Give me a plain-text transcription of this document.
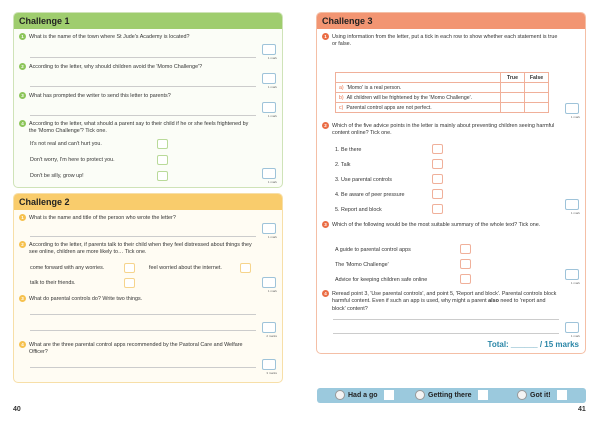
Challenge 1
1 What is the name of the town where St Jude's Academy is located?
1 mark
2 According to the letter, why should children avoid the 'Momo Challenge'?
1 mark
3 What has prompted the writer to send this letter to parents?
1 mark
4 According to the letter, what should a parent say to their child if he or she feels frightened by the 'Momo Challenge'? Tick one.
It's not real and can't hurt you.
Don't worry, I'm here to protect you.
Don't be silly, grow up!
1 mark
Challenge 2
1 What is the name and title of the person who wrote the letter?
1 mark
2 According to the letter, if parents talk to their child when they feel distressed about things they see online, children are more likely to… Tick one.
come forward with any worries.	feel worried about the internet.
talk to their friends.
1 mark
3 What do parental controls do? Write two things.
2 marks
4 What are the three parental control apps recommended by the Pastoral Care and Welfare Officer?
3 marks
Challenge 3
1 Using information from the letter, put a tick in each row to show whether each statement is true or false.
	True	False
a) 'Momo' is a real person.		
b) All children will be frightened by the 'Momo Challenge'.		
c) Parental control apps are not perfect.		
1 mark
2 Which of the five advice points in the letter is mainly about preventing children seeing harmful content online? Tick one.
1. Be there
2. Talk
3. Use parental controls
4. Be aware of peer pressure
5. Report and block	1 mark
3 Which of the following would be the most suitable summary of the whole text? Tick one.
A guide to parental control apps
The 'Momo Challenge'
Advice for keeping children safe online	1 mark
4 Reread point 3, 'Use parental controls', and point 5, 'Report and block'. Parental controls block harmful content. Even if such an app is used, why might a parent also need to 'report and block' content?
1 mark
Total: ______ / 15 marks
Had a go	Getting there	Got it!
40	41
